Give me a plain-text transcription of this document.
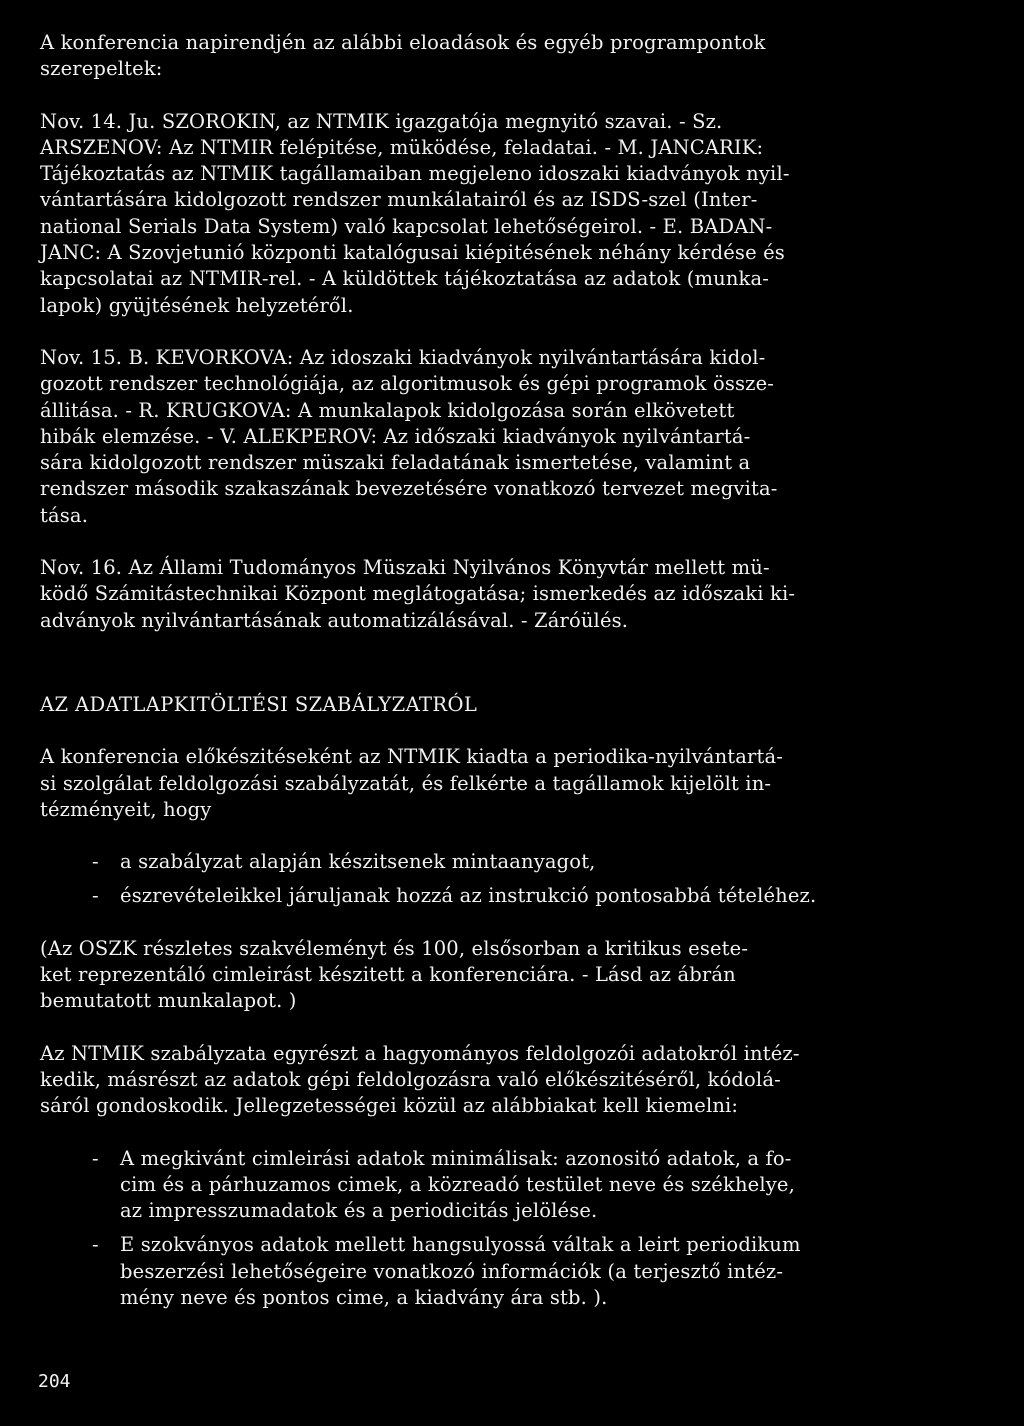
A konferencia napirendjén az alábbi eloadások és egyéb programpontok
szerepeltek:
Nov. 14. Ju. SZOROKIN, az NTMIK igazgatója megnyitó szavai. - Sz.
ARSZENOV: Az NTMIR felépitése, müködése, feladatai. - M. JANCARIK:
Tájékoztatás az NTMIK tagállamaiban megjeleno idoszaki kiadványok nyil-
vántartására kidolgozott rendszer munkálatairól és az ISDS-szel (Inter-
national Serials Data System) való kapcsolat lehetőségeirol. - E. BADAN-
JANC: A Szovjetunió központi katalógusai kiépitésének néhány kérdése és
kapcsolatai az NTMIR-rel. - A küldöttek tájékoztatása az adatok (munka-
lapok) gyüjtésének helyzetéről.
Nov. 15. B. KEVORKOVA: Az idoszaki kiadványok nyilvántartására kidol-
gozott rendszer technológiája, az algoritmusok és gépi programok össze-
állitása. - R. KRUGKOVA: A munkalapok kidolgozása során elkövetett
hibák elemzése. - V. ALEKPEROV: Az időszaki kiadványok nyilvántartá-
sára kidolgozott rendszer müszaki feladatának ismertetése, valamint a
rendszer második szakaszának bevezetésére vonatkozó tervezet megvita-
tása.
Nov. 16. Az Állami Tudományos Müszaki Nyilvános Könyvtár mellett mü-
ködő Számitástechnikai Központ meglátogatása; ismerkedés az időszaki ki-
adványok nyilvántartásának automatizálásával. - Záróülés.
AZ ADATLAPKITÖLTÉSI SZABÁLYZATRÓL
A konferencia előkészitéseként az NTMIK kiadta a periodika-nyilvántartá-
si szolgálat feldolgozási szabályzatát, és felkérte a tagállamok kijelölt in-
tézményeit, hogy
- a szabályzat alapján készitsenek mintaanyagot,
- észrevételeikkel járuljanak hozzá az instrukció pontosabbá tételéhez.
(Az OSZK részletes szakvéleményt és 100, elsősorban a kritikus esete-
ket reprezentáló cimleirást készitett a konferenciára. - Lásd az ábrán
bemutatott munkalapot. )
Az NTMIK szabályzata egyrészt a hagyományos feldolgozói adatokról intéz-
kedik, másrészt az adatok gépi feldolgozásra való előkészitéséről, kódolá-
sáról gondoskodik. Jellegzetességei közül az alábbiakat kell kiemelni:
- A megkivánt cimleirási adatok minimálisak: azonositó adatok, a fo-
cim és a párhuzamos cimek, a közreadó testület neve és székhelye,
az impresszumadatok és a periodicitás jelölése.
- E szokványos adatok mellett hangsulyossá váltak a leirt periodikum
beszerzési lehetőségeire vonatkozó információk (a terjesztő intéz-
mény neve és pontos cime, a kiadvány ára stb. ).
204
